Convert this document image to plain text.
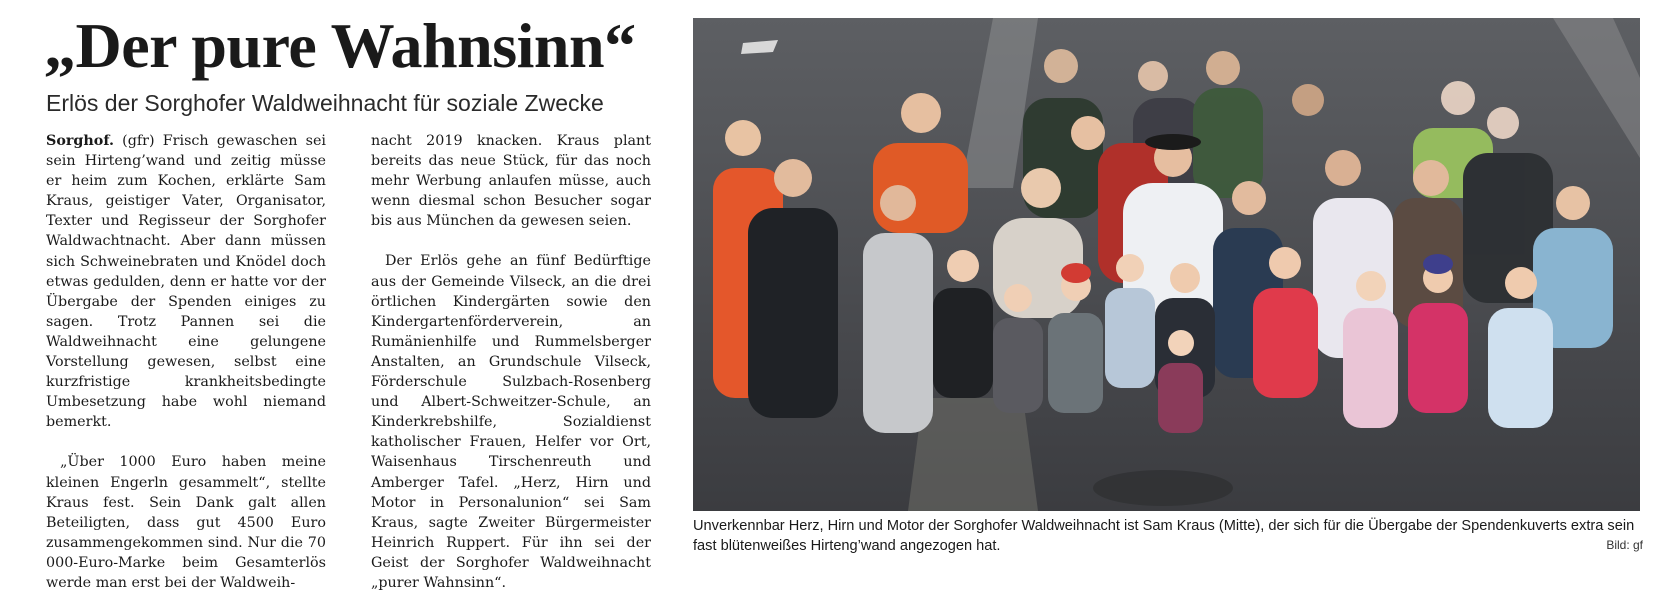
„Der pure Wahnsinn“
Erlös der Sorghofer Waldweihnacht für soziale Zwecke

Sorghof. (gfr) Frisch gewaschen sei sein Hirteng’wand und zeitig müsse er heim zum Kochen, erklärte Sam Kraus, geistiger Vater, Organisator, Texter und Regisseur der Sorghofer Waldwachtnacht. Aber dann müssen sich Schweinebraten und Knödel doch etwas gedulden, denn er hatte vor der Übergabe der Spenden einiges zu sagen. Trotz Pannen sei die Waldweihnacht eine gelungene Vorstellung gewesen, selbst eine kurzfristige krankheitsbedingte Umbesetzung habe wohl niemand bemerkt.

„Über 1000 Euro haben meine kleinen Engerln gesammelt“, stellte Kraus fest. Sein Dank galt allen Beteiligten, dass gut 4500 Euro zusammengekommen sind. Nur die 70 000-Euro-Marke beim Gesamterlös werde man erst bei der Waldweih-

nacht 2019 knacken. Kraus plant bereits das neue Stück, für das noch mehr Werbung anlaufen müsse, auch wenn diesmal schon Besucher sogar bis aus München da gewesen seien.

Der Erlös gehe an fünf Bedürftige aus der Gemeinde Vilseck, an die drei örtlichen Kindergärten sowie den Kindergartenförderverein, an Rumänienhilfe und Rummelsberger Anstalten, an Grundschule Vilseck, Förderschule Sulzbach-Rosenberg und Albert-Schweitzer-Schule, an Kinderkrebshilfe, Sozialdienst katholischer Frauen, Helfer vor Ort, Waisenhaus Tirschenreuth und Amberger Tafel. „Herz, Hirn und Motor in Personalunion“ sei Sam Kraus, sagte Zweiter Bürgermeister Heinrich Ruppert. Für ihn sei der Geist der Sorghofer Waldweihnacht „purer Wahnsinn“.

Unverkennbar Herz, Hirn und Motor der Sorghofer Waldweihnacht ist Sam Kraus (Mitte), der sich für die Übergabe der Spendenkuverts extra sein fast blütenweißes Hirteng’wand angezogen hat.	Bild: gf
